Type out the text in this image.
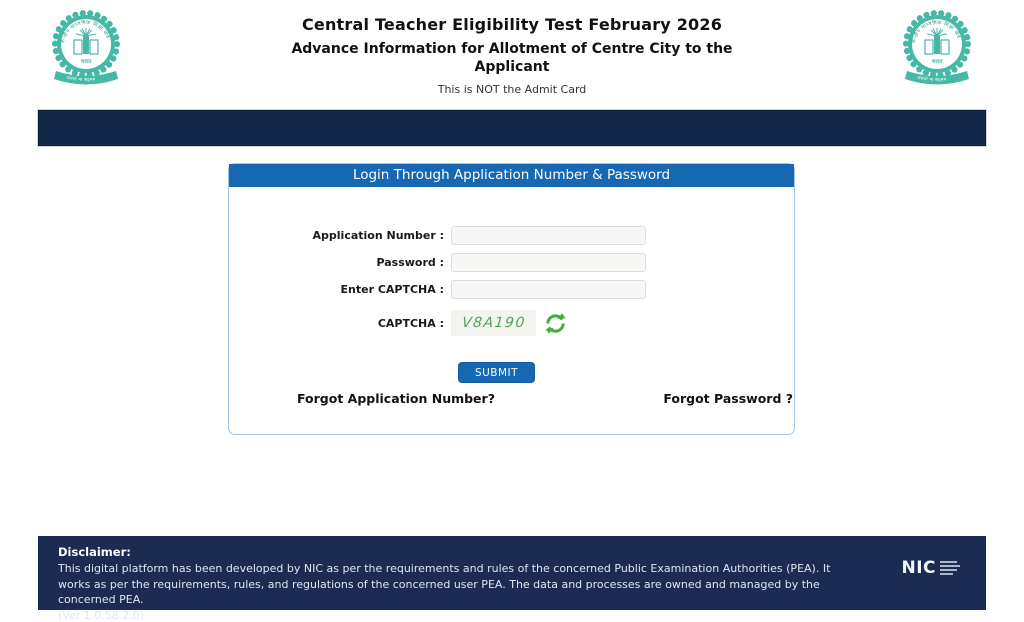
केन्द्रीय माध्यमिक शिक्षा बोर्ड
भारत
असतो मा सद्गमय
केन्द्रीय माध्यमिक शिक्षा बोर्ड
भारत
असतो मा सद्गमय
Central Teacher Eligibility Test February 2026
Advance Information for Allotment of Centre City to the Applicant
This is NOT the Admit Card
Login Through Application Number & Password
Application Number :
Password :
Enter CAPTCHA :
CAPTCHA :	V8A190
SUBMIT
Forgot Application Number?	Forgot Password ?
Disclaimer:
This digital platform has been developed by NIC as per the requirements and rules of the concerned Public Examination Authorities (PEA). It works as per the requirements, rules, and regulations of the concerned user PEA. The data and processes are owned and managed by the concerned PEA.
(Ver 1.0.58.2.0)
NIC
